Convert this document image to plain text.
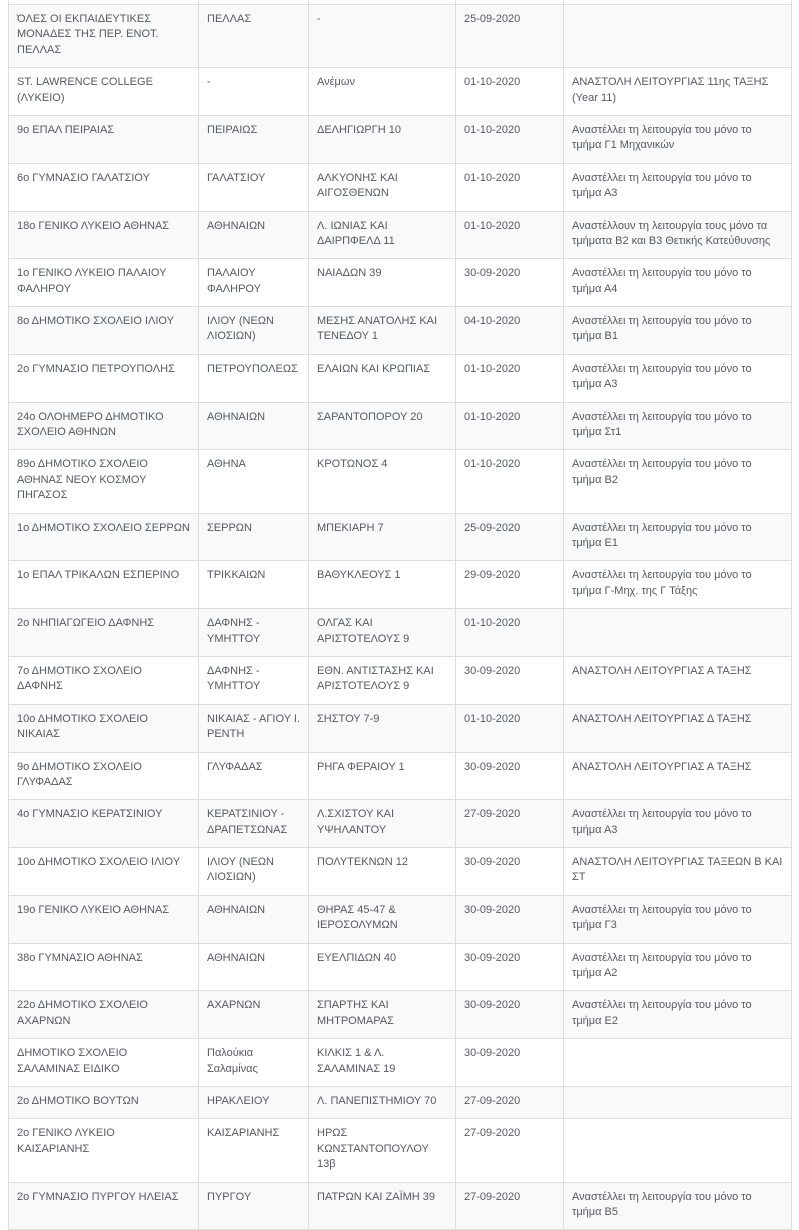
ΌΛΕΣ ΟΙ ΕΚΠΑΙΔΕΥΤΙΚΕΣ ΜΟΝΑΔΕΣ ΤΗΣ ΠΕΡ. ΕΝΟΤ. ΠΕΛΛΑΣ	ΠΕΛΛΑΣ	-	25-09-2020	
ST. LAWRENCE COLLEGE (ΛΥΚΕΙΟ)	-	Ανέμων	01-10-2020	ΑΝΑΣΤΟΛΗ ΛΕΙΤΟΥΡΓΙΑΣ 11ης ΤΑΞΗΣ (Year 11)
9ο ΕΠΑΛ ΠΕΙΡΑΙΑΣ	ΠΕΙΡΑΙΩΣ	ΔΕΛΗΓΙΩΡΓΗ 10	01-10-2020	Αναστέλλει τη λειτουργία του μόνο το τμήμα Γ1 Μηχανικών
6ο ΓΥΜΝΑΣΙΟ ΓΑΛΑΤΣΙΟΥ	ΓΑΛΑΤΣΙΟΥ	ΑΛΚΥΟΝΗΣ ΚΑΙ ΑΙΓΟΣΘΕΝΩΝ	01-10-2020	Αναστέλλει τη λειτουργία του μόνο το τμήμα Α3
18ο ΓΕΝΙΚΟ ΛΥΚΕΙΟ ΑΘΗΝΑΣ	ΑΘΗΝΑΙΩΝ	Λ. ΙΩΝΙΑΣ ΚΑΙ ΔΑΙΡΠΦΕΛΔ 11	01-10-2020	Αναστέλλουν τη λειτουργία τους μόνο τα τμήματα Β2 και Β3 Θετικής Κατεύθυνσης
1ο ΓΕΝΙΚΟ ΛΥΚΕΙΟ ΠΑΛΑΙΟΥ ΦΑΛΗΡΟΥ	ΠΑΛΑΙΟΥ ΦΑΛΗΡΟΥ	ΝΑΙΑΔΩΝ 39	30-09-2020	Αναστέλλει τη λειτουργία του μόνο το τμήμα Α4
8ο ΔΗΜΟΤΙΚΟ ΣΧΟΛΕΙΟ ΙΛΙΟΥ	ΙΛΙΟΥ (ΝΕΩΝ ΛΙΟΣΙΩΝ)	ΜΕΣΗΣ ΑΝΑΤΟΛΗΣ ΚΑΙ ΤΕΝΕΔΟΥ 1	04-10-2020	Αναστέλλει τη λειτουργία του μόνο το τμήμα Β1
2ο ΓΥΜΝΑΣΙΟ ΠΕΤΡΟΥΠΟΛΗΣ	ΠΕΤΡΟΥΠΟΛΕΩΣ	ΕΛΑΙΩΝ ΚΑΙ ΚΡΩΠΙΑΣ	01-10-2020	Αναστέλλει τη λειτουργία του μόνο το τμήμα Α3
24ο ΟΛΟΗΜΕΡΟ ΔΗΜΟΤΙΚΟ ΣΧΟΛΕΙΟ ΑΘΗΝΩΝ	ΑΘΗΝΑΙΩΝ	ΣΑΡΑΝΤΟΠΟΡΟΥ 20	01-10-2020	Αναστέλλει τη λειτουργία του μόνο το τμήμα Στ1
89ο ΔΗΜΟΤΙΚΟ ΣΧΟΛΕΙΟ ΑΘΗΝΑΣ ΝΕΟΥ ΚΟΣΜΟΥ ΠΗΓΑΣΟΣ	ΑΘΗΝΑ	ΚΡΟΤΩΝΟΣ 4	01-10-2020	Αναστέλλει τη λειτουργία του μόνο το τμήμα Β2
1ο ΔΗΜΟΤΙΚΟ ΣΧΟΛΕΙΟ ΣΕΡΡΩΝ	ΣΕΡΡΩΝ	ΜΠΕΚΙΑΡΗ 7	25-09-2020	Αναστέλλει τη λειτουργία του μόνο το τμήμα Ε1
1ο ΕΠΑΛ ΤΡΙΚΑΛΩΝ ΕΣΠΕΡΙΝΟ	ΤΡΙΚΚΑΙΩΝ	ΒΑΘΥΚΛΕΟΥΣ 1	29-09-2020	Αναστέλλει τη λειτουργία του μόνο το τμήμα Γ-Μηχ. της Γ Τάξης
2ο ΝΗΠΙΑΓΩΓΕΙΟ ΔΑΦΝΗΣ	ΔΑΦΝΗΣ - ΥΜΗΤΤΟΥ	ΟΛΓΑΣ ΚΑΙ ΑΡΙΣΤΟΤΕΛΟΥΣ 9	01-10-2020	
7ο ΔΗΜΟΤΙΚΟ ΣΧΟΛΕΙΟ ΔΑΦΝΗΣ	ΔΑΦΝΗΣ - ΥΜΗΤΤΟΥ	ΕΘΝ. ΑΝΤΙΣΤΑΣΗΣ ΚΑΙ ΑΡΙΣΤΟΤΕΛΟΥΣ 9	30-09-2020	ΑΝΑΣΤΟΛΗ ΛΕΙΤΟΥΡΓΙΑΣ Α ΤΑΞΗΣ
10ο ΔΗΜΟΤΙΚΟ ΣΧΟΛΕΙΟ ΝΙΚΑΙΑΣ	ΝΙΚΑΙΑΣ - ΑΓΙΟΥ Ι. ΡΕΝΤΗ	ΣΗΣΤΟΥ 7-9	01-10-2020	ΑΝΑΣΤΟΛΗ ΛΕΙΤΟΥΡΓΙΑΣ Δ ΤΑΞΗΣ
9ο ΔΗΜΟΤΙΚΟ ΣΧΟΛΕΙΟ ΓΛΥΦΑΔΑΣ	ΓΛΥΦΑΔΑΣ	ΡΗΓΑ ΦΕΡΑΙΟΥ 1	30-09-2020	ΑΝΑΣΤΟΛΗ ΛΕΙΤΟΥΡΓΙΑΣ Α ΤΑΞΗΣ
4ο ΓΥΜΝΑΣΙΟ ΚΕΡΑΤΣΙΝΙΟΥ	ΚΕΡΑΤΣΙΝΙΟΥ - ΔΡΑΠΕΤΣΩΝΑΣ	Λ.ΣΧΙΣΤΟΥ ΚΑΙ ΥΨΗΛΑΝΤΟΥ	27-09-2020	Αναστέλλει τη λειτουργία του μόνο το τμήμα Α3
10ο ΔΗΜΟΤΙΚΟ ΣΧΟΛΕΙΟ ΙΛΙΟΥ	ΙΛΙΟΥ (ΝΕΩΝ ΛΙΟΣΙΩΝ)	ΠΟΛΥΤΕΚΝΩΝ 12	30-09-2020	ΑΝΑΣΤΟΛΗ ΛΕΙΤΟΥΡΓΙΑΣ ΤΑΞΕΩΝ Β ΚΑΙ ΣΤ
19ο ΓΕΝΙΚΟ ΛΥΚΕΙΟ ΑΘΗΝΑΣ	ΑΘΗΝΑΙΩΝ	ΘΗΡΑΣ 45-47 & ΙΕΡΟΣΟΛΥΜΩΝ	30-09-2020	Αναστέλλει τη λειτουργία του μόνο το τμήμα Γ3
38ο ΓΥΜΝΑΣΙΟ ΑΘΗΝΑΣ	ΑΘΗΝΑΙΩΝ	ΕΥΕΛΠΙΔΩΝ 40	30-09-2020	Αναστέλλει τη λειτουργία του μόνο το τμήμα Α2
22ο ΔΗΜΟΤΙΚΟ ΣΧΟΛΕΙΟ ΑΧΑΡΝΩΝ	ΑΧΑΡΝΩΝ	ΣΠΑΡΤΗΣ ΚΑΙ ΜΗΤΡΟΜΑΡΑΣ	30-09-2020	Αναστέλλει τη λειτουργία του μόνο το τμήμα Ε2
ΔΗΜΟΤΙΚΟ ΣΧΟΛΕΙΟ ΣΑΛΑΜΙΝΑΣ ΕΙΔΙΚΟ	Παλούκια Σαλαμίνας	ΚΙΛΚΙΣ 1 & Λ. ΣΑΛΑΜΙΝΑΣ 19	30-09-2020	
2ο ΔΗΜΟΤΙΚΟ ΒΟΥΤΩΝ	ΗΡΑΚΛΕΙΟΥ	Λ. ΠΑΝΕΠΙΣΤΗΜΙΟΥ 70	27-09-2020	
2ο ΓΕΝΙΚΟ ΛΥΚΕΙΟ ΚΑΙΣΑΡΙΑΝΗΣ	ΚΑΙΣΑΡΙΑΝΗΣ	ΗΡΩΣ ΚΩΝΣΤΑΝΤΟΠΟΥΛΟΥ 13β	27-09-2020	
2ο ΓΥΜΝΑΣΙΟ ΠΥΡΓΟΥ ΗΛΕΙΑΣ	ΠΥΡΓΟΥ	ΠΑΤΡΩΝ ΚΑΙ ΖΑΪΜΗ 39	27-09-2020	Αναστέλλει τη λειτουργία του μόνο το τμήμα Β5
